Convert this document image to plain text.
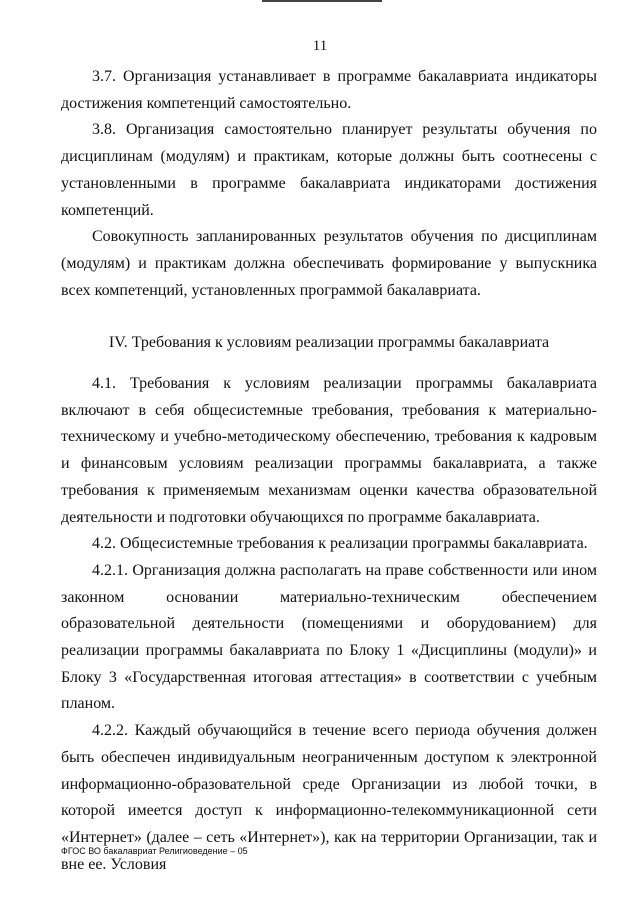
11

3.7. Организация устанавливает в программе бакалавриата индикаторы достижения компетенций самостоятельно.

3.8. Организация самостоятельно планирует результаты обучения по дисциплинам (модулям) и практикам, которые должны быть соотнесены с установленными в программе бакалавриата индикаторами достижения компетенций.

Совокупность запланированных результатов обучения по дисциплинам (модулям) и практикам должна обеспечивать формирование у выпускника всех компетенций, установленных программой бакалавриата.

IV. Требования к условиям реализации программы бакалавриата

4.1. Требования к условиям реализации программы бакалавриата включают в себя общесистемные требования, требования к материально-техническому и учебно-методическому обеспечению, требования к кадровым и финансовым условиям реализации программы бакалавриата, а также требования к применяемым механизмам оценки качества образовательной деятельности и подготовки обучающихся по программе бакалавриата.

4.2. Общесистемные требования к реализации программы бакалавриата.

4.2.1. Организация должна располагать на праве собственности или ином законном основании материально-техническим обеспечением образовательной деятельности (помещениями и оборудованием) для реализации программы бакалавриата по Блоку 1 «Дисциплины (модули)» и Блоку 3 «Государственная итоговая аттестация» в соответствии с учебным планом.

4.2.2. Каждый обучающийся в течение всего периода обучения должен быть обеспечен индивидуальным неограниченным доступом к электронной информационно-образовательной среде Организации из любой точки, в которой имеется доступ к информационно-телекоммуникационной сети «Интернет» (далее – сеть «Интернет»), как на территории Организации, так и вне ее. Условия

ФГОС ВО бакалавриат Религиоведение – 05
